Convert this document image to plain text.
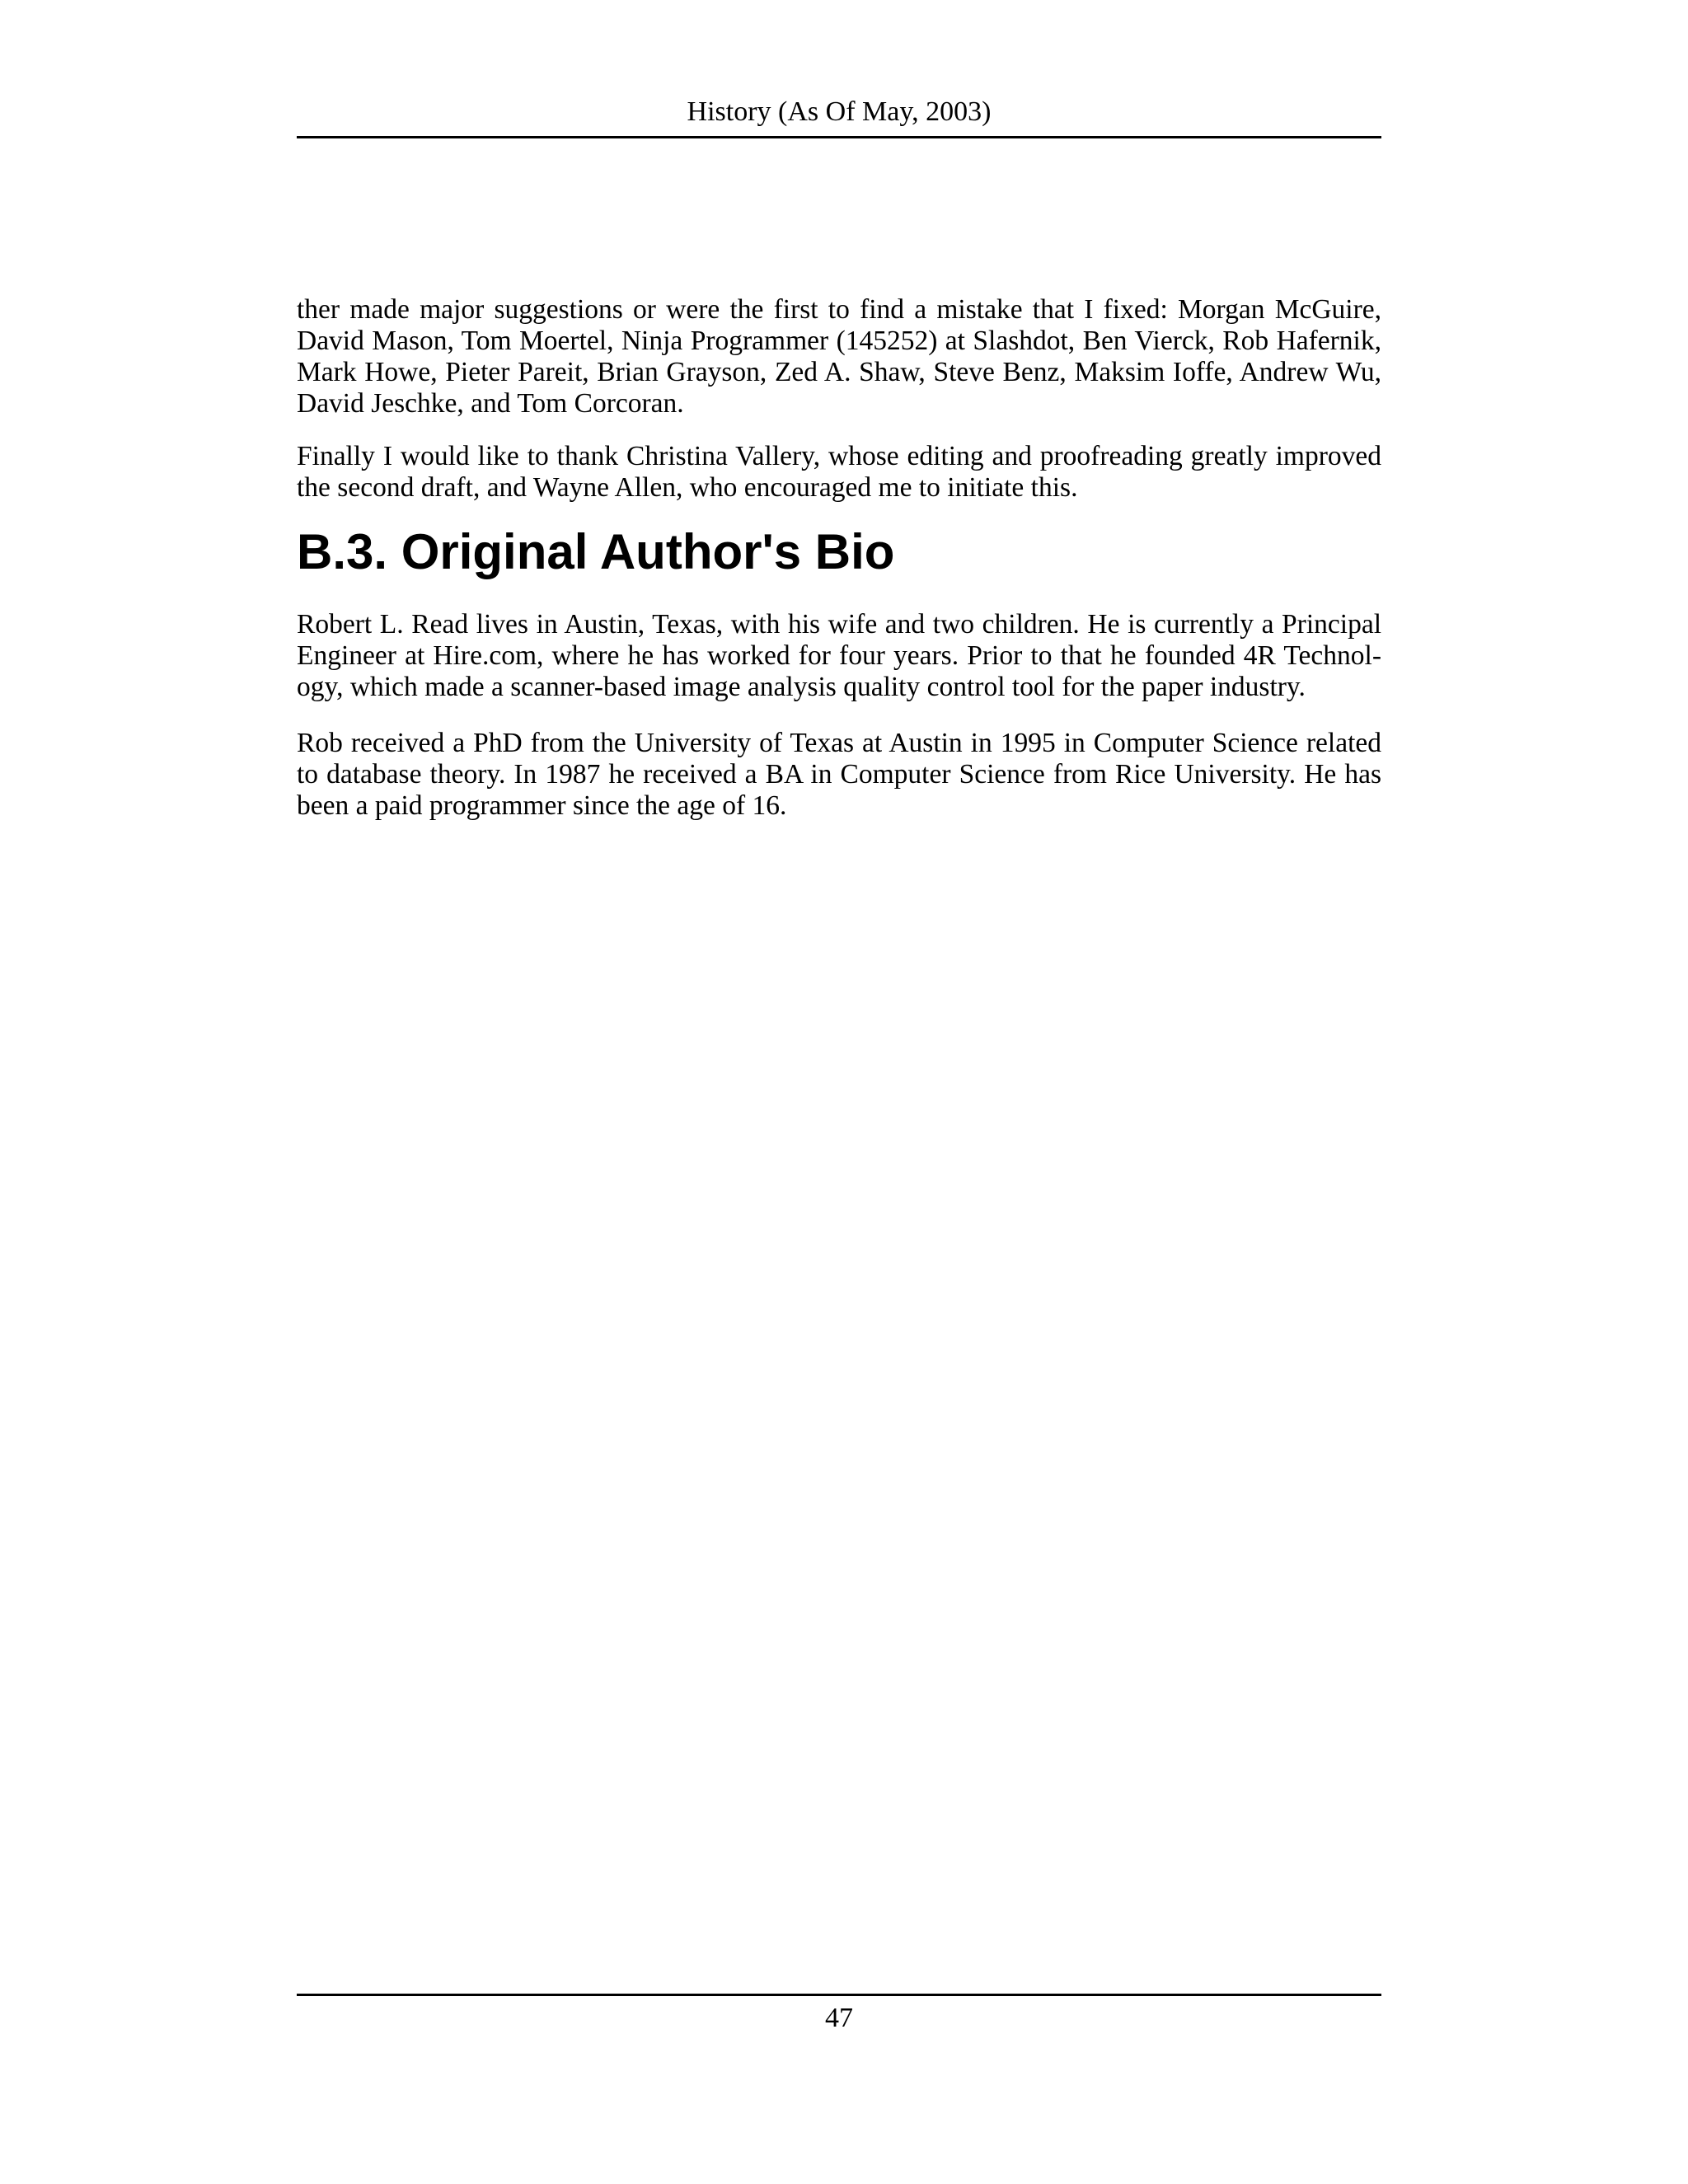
History (As Of May, 2003)

ther made major suggestions or were the first to find a mistake that I fixed: Morgan McGuire, David Mason, Tom Moertel, Ninja Programmer (145252) at Slashdot, Ben Vierck, Rob Hafernik, Mark Howe, Pieter Pareit, Brian Grayson, Zed A. Shaw, Steve Benz, Maksim Ioffe, Andrew Wu, David Jeschke, and Tom Corcoran.

Finally I would like to thank Christina Vallery, whose editing and proofreading greatly improved the second draft, and Wayne Allen, who encouraged me to initiate this.

B.3. Original Author's Bio

Robert L. Read lives in Austin, Texas, with his wife and two children. He is currently a Principal Engineer at Hire.com, where he has worked for four years. Prior to that he founded 4R Technology, which made a scanner-based image analysis quality control tool for the paper industry.

Rob received a PhD from the University of Texas at Austin in 1995 in Computer Science related to database theory. In 1987 he received a BA in Computer Science from Rice University. He has been a paid programmer since the age of 16.

47
